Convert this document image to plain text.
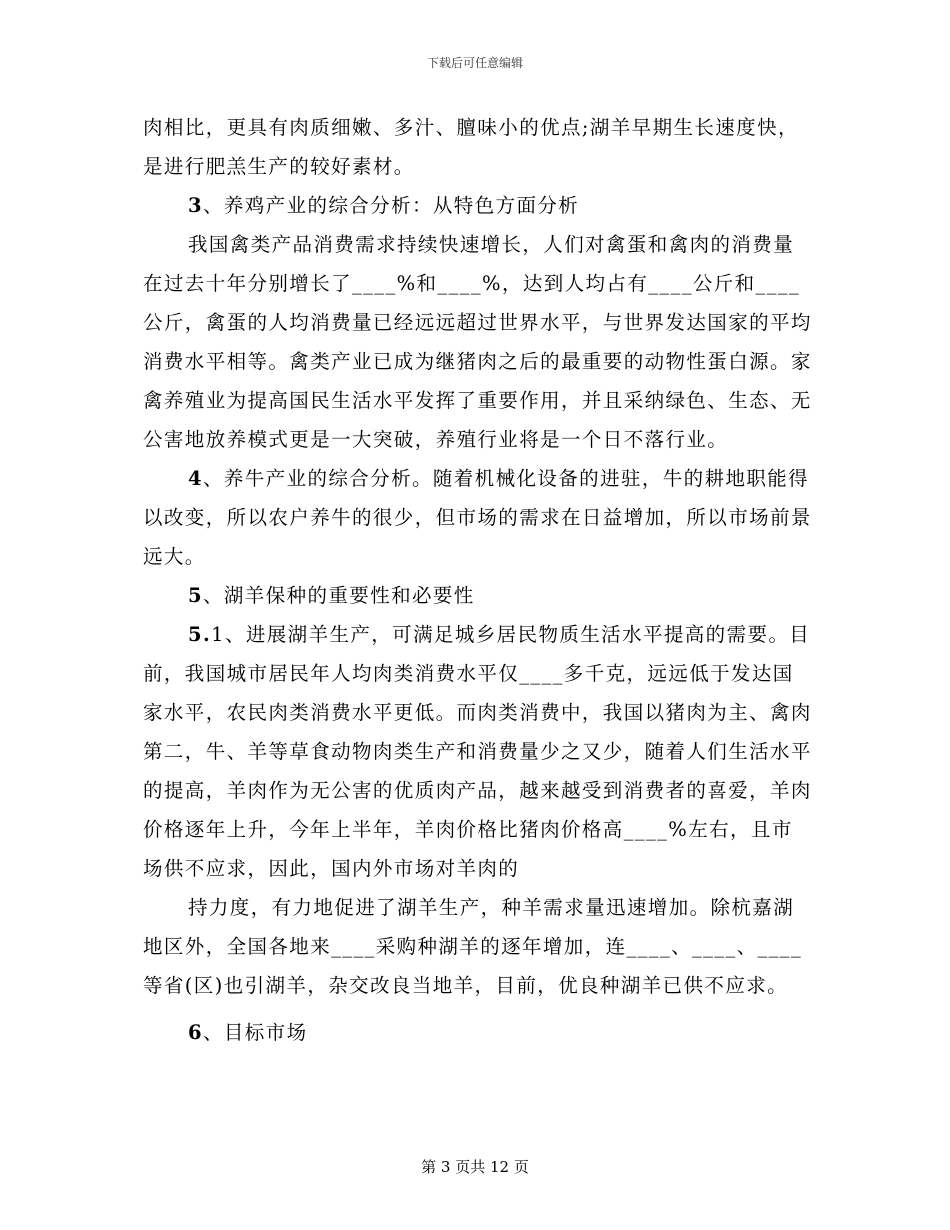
下载后可任意编辑

肉相比，更具有肉质细嫩、多汁、膻味小的优点;湖羊早期生长速度快，是进行肥羔生产的较好素材。

3、养鸡产业的综合分析：从特色方面分析

我国禽类产品消费需求持续快速增长，人们对禽蛋和禽肉的消费量在过去十年分别增长了____%和____%，达到人均占有____公斤和____公斤，禽蛋的人均消费量已经远远超过世界水平，与世界发达国家的平均消费水平相等。禽类产业已成为继猪肉之后的最重要的动物性蛋白源。家禽养殖业为提高国民生活水平发挥了重要作用，并且采纳绿色、生态、无公害地放养模式更是一大突破，养殖行业将是一个日不落行业。

4、养牛产业的综合分析。随着机械化设备的进驻，牛的耕地职能得以改变，所以农户养牛的很少，但市场的需求在日益增加，所以市场前景远大。

5、湖羊保种的重要性和必要性

5.1、进展湖羊生产，可满足城乡居民物质生活水平提高的需要。目前，我国城市居民年人均肉类消费水平仅____多千克，远远低于发达国家水平，农民肉类消费水平更低。而肉类消费中，我国以猪肉为主、禽肉第二，牛、羊等草食动物肉类生产和消费量少之又少，随着人们生活水平的提高，羊肉作为无公害的优质肉产品，越来越受到消费者的喜爱，羊肉价格逐年上升，今年上半年，羊肉价格比猪肉价格高____%左右，且市场供不应求，因此，国内外市场对羊肉的

持力度，有力地促进了湖羊生产，种羊需求量迅速增加。除杭嘉湖地区外，全国各地来____采购种湖羊的逐年增加，连____、____、____等省(区)也引湖羊，杂交改良当地羊，目前，优良种湖羊已供不应求。

6、目标市场

第 3 页共 12 页
